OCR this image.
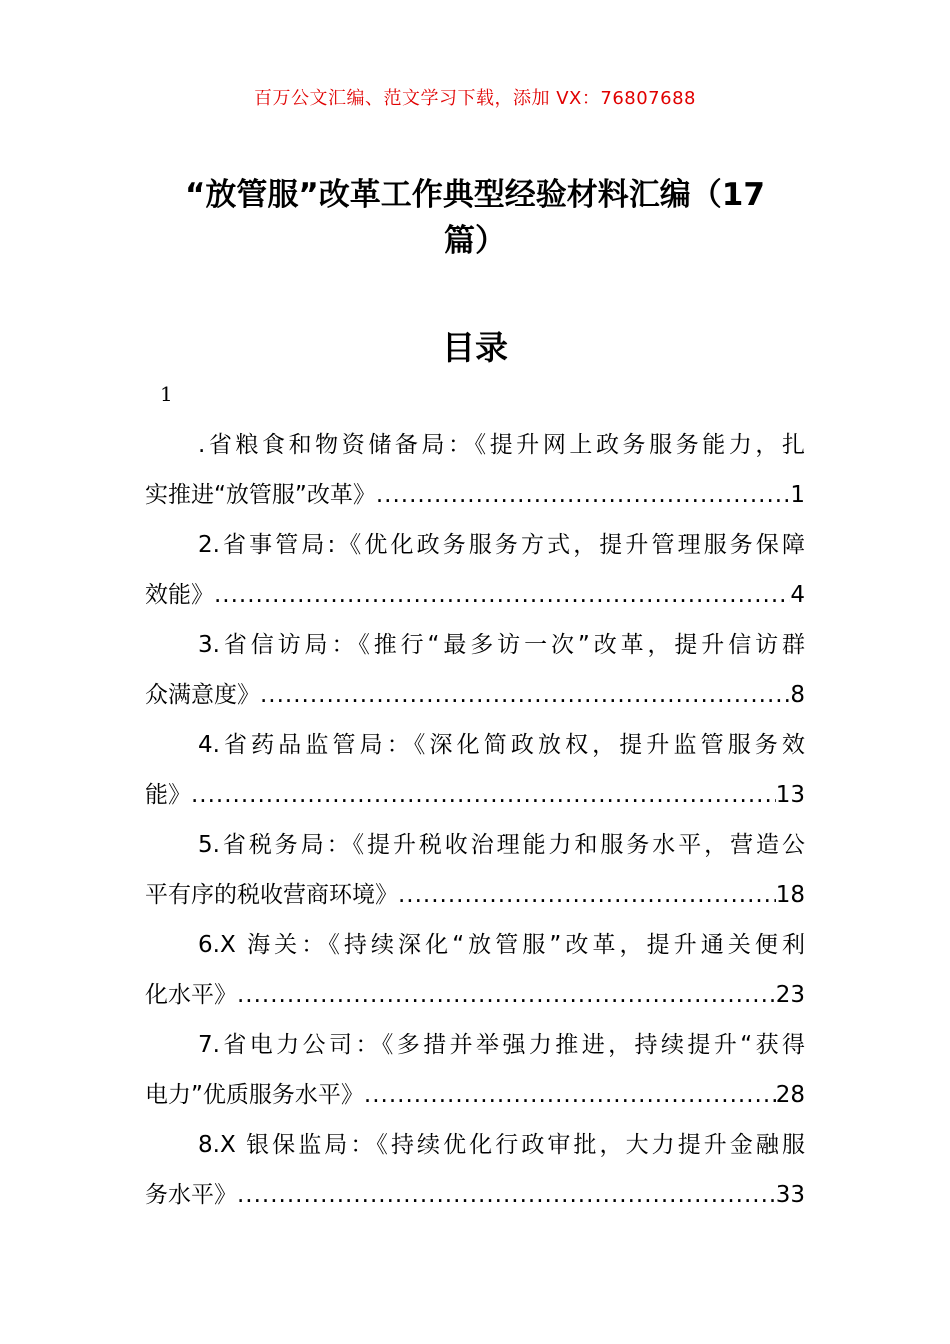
百万公文汇编、范文学习下载，添加 VX：76807688
“放管服”改革工作典型经验材料汇编（17
篇）
目录
1
.省粮食和物资储备局：《提升网上政务服务能力，扎
实推进“放管服”改革》 .....	1
2.省事管局:《优化政务服务方式，提升管理服务保障
效能》 .....	4
3.省信访局：《推行“最多访一次”改革，提升信访群
众满意度》 .....	8
4.省药品监管局：《深化简政放权，提升监管服务效
能》 .....	13
5.省税务局：《提升税收治理能力和服务水平，营造公
平有序的税收营商环境》 .....	18
6.X 海关：《持续深化“放管服”改革，提升通关便利
化水平》 .....	23
7.省电力公司：《多措并举强力推进，持续提升“获得
电力”优质服务水平》 .....	28
8.X 银保监局：《持续优化行政审批，大力提升金融服
务水平》 .....	33
